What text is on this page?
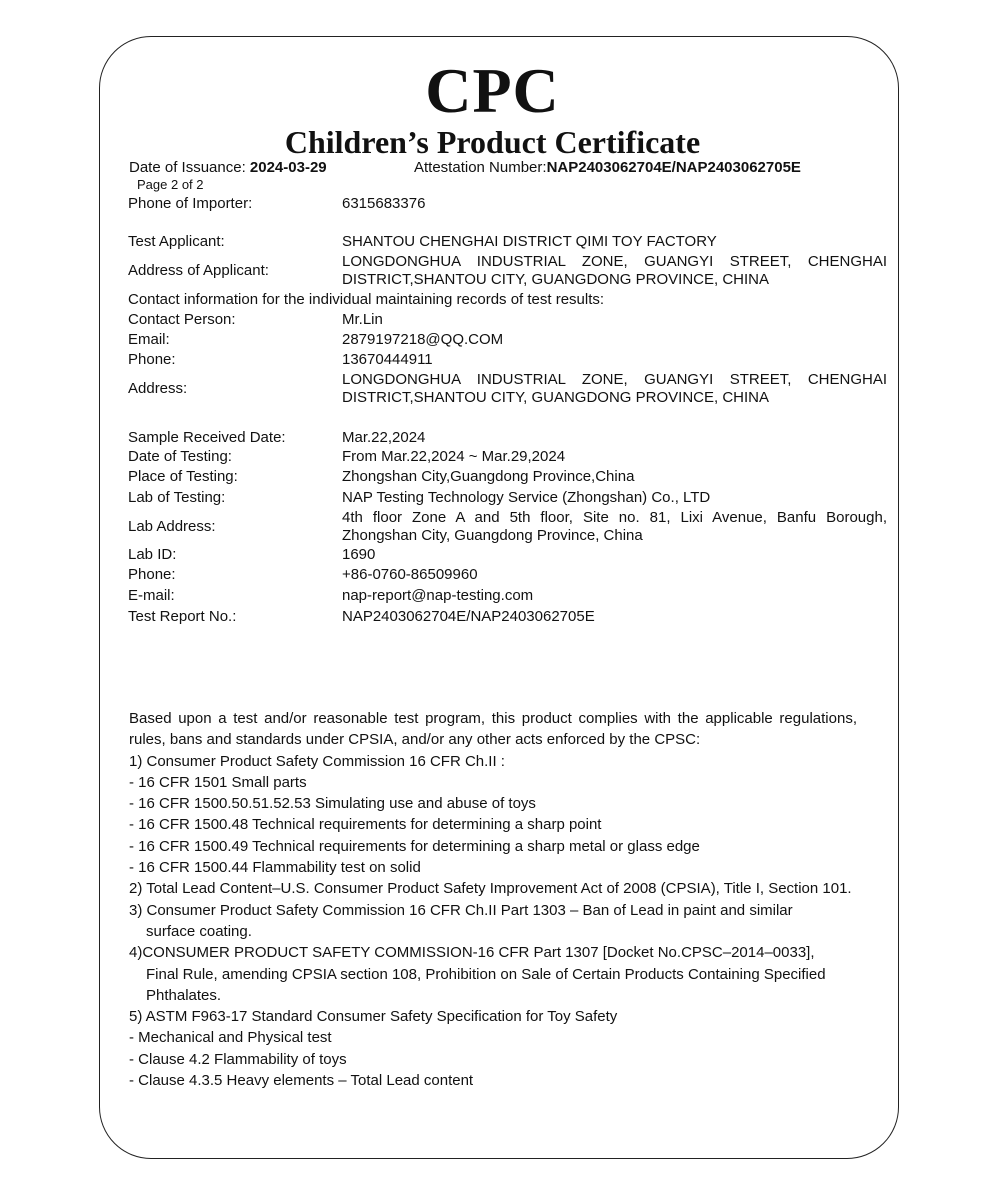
CPC
Children’s Product Certificate
Date of Issuance: 2024-03-29	Attestation Number:NAP2403062704E/NAP2403062705E
Page 2 of 2
Phone of Importer:	6315683376
Test Applicant:	SHANTOU CHENGHAI DISTRICT QIMI TOY FACTORY
Address of Applicant:
LONGDONGHUA INDUSTRIAL ZONE, GUANGYI STREET, CHENGHAI DISTRICT,SHANTOU CITY, GUANGDONG PROVINCE, CHINA
Contact information for the individual maintaining records of test results:
Contact Person:	Mr.Lin
Email:	2879197218@QQ.COM
Phone:	13670444911
Address:
LONGDONGHUA INDUSTRIAL ZONE, GUANGYI STREET, CHENGHAI DISTRICT,SHANTOU CITY, GUANGDONG PROVINCE, CHINA
Sample Received Date:	Mar.22,2024
Date of Testing:	From Mar.22,2024 ~ Mar.29,2024
Place of Testing:	Zhongshan City,Guangdong Province,China
Lab of Testing:	NAP Testing Technology Service (Zhongshan) Co., LTD
Lab Address:
4th floor Zone A and 5th floor, Site no. 81, Lixi Avenue, Banfu Borough, Zhongshan City, Guangdong Province, China
Lab ID:	1690
Phone:	+86-0760-86509960
E-mail:	nap-report@nap-testing.com
Test Report No.:	NAP2403062704E/NAP2403062705E

Based upon a test and/or reasonable test program, this product complies with the applicable regulations, rules, bans and standards under CPSIA, and/or any other acts enforced by the CPSC:

1) Consumer Product Safety Commission 16 CFR Ch.II :

- 16 CFR 1501 Small parts

- 16 CFR 1500.50.51.52.53 Simulating use and abuse of toys

- 16 CFR 1500.48 Technical requirements for determining a sharp point

- 16 CFR 1500.49 Technical requirements for determining a sharp metal or glass edge

- 16 CFR 1500.44 Flammability test on solid

2) Total Lead Content–U.S. Consumer Product Safety Improvement Act of 2008 (CPSIA), Title I, Section 101.

3) Consumer Product Safety Commission 16 CFR Ch.II Part 1303 – Ban of Lead in paint and similar

surface coating.

4)CONSUMER PRODUCT SAFETY COMMISSION-16 CFR Part 1307 [Docket No.CPSC–2014–0033],

Final Rule, amending CPSIA section 108, Prohibition on Sale of Certain Products Containing Specified

Phthalates.

5) ASTM F963-17 Standard Consumer Safety Specification for Toy Safety

- Mechanical and Physical test

- Clause 4.2 Flammability of toys

- Clause 4.3.5 Heavy elements – Total Lead content
